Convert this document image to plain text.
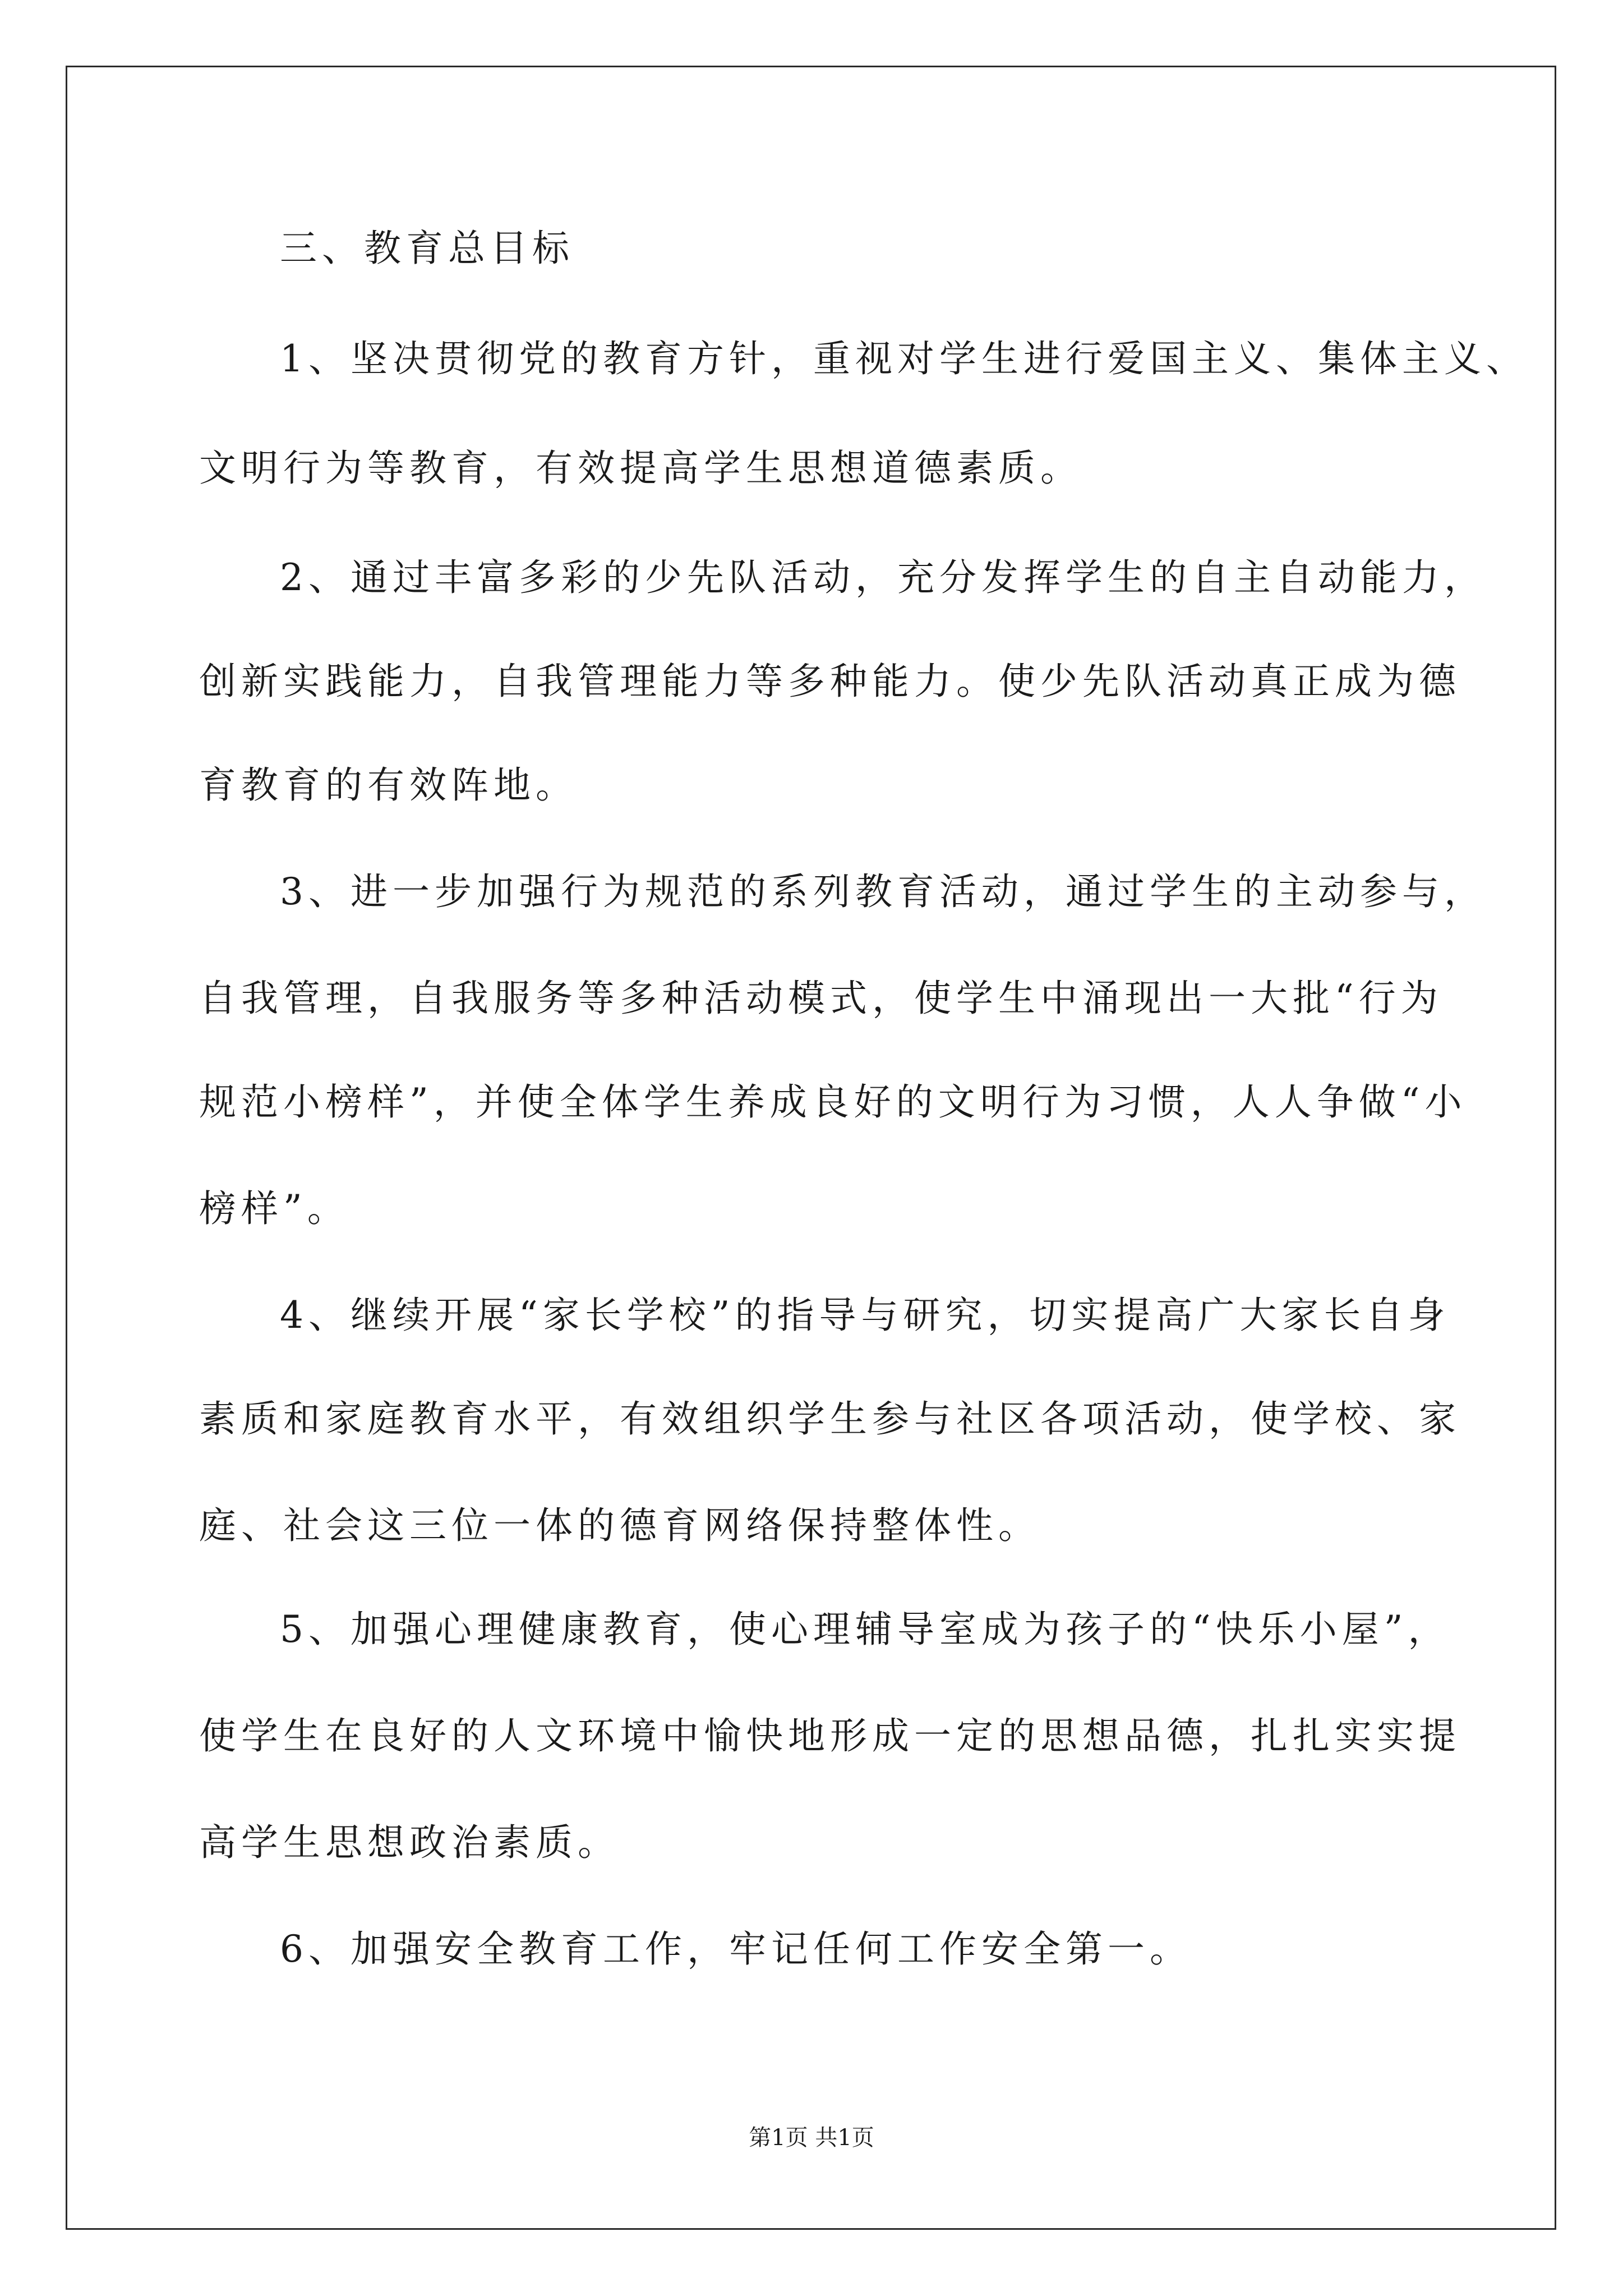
三、教育总目标
1、坚决贯彻党的教育方针，重视对学生进行爱国主义、集体主义、
文明行为等教育，有效提高学生思想道德素质。
2、通过丰富多彩的少先队活动，充分发挥学生的自主自动能力，
创新实践能力，自我管理能力等多种能力。使少先队活动真正成为德
育教育的有效阵地。
3、进一步加强行为规范的系列教育活动，通过学生的主动参与，
自我管理，自我服务等多种活动模式，使学生中涌现出一大批“行为
规范小榜样”，并使全体学生养成良好的文明行为习惯，人人争做“小
榜样”。
4、继续开展“家长学校”的指导与研究，切实提高广大家长自身
素质和家庭教育水平，有效组织学生参与社区各项活动，使学校、家
庭、社会这三位一体的德育网络保持整体性。
5、加强心理健康教育，使心理辅导室成为孩子的“快乐小屋”，
使学生在良好的人文环境中愉快地形成一定的思想品德，扎扎实实提
高学生思想政治素质。
6、加强安全教育工作，牢记任何工作安全第一。
第1页 共1页
